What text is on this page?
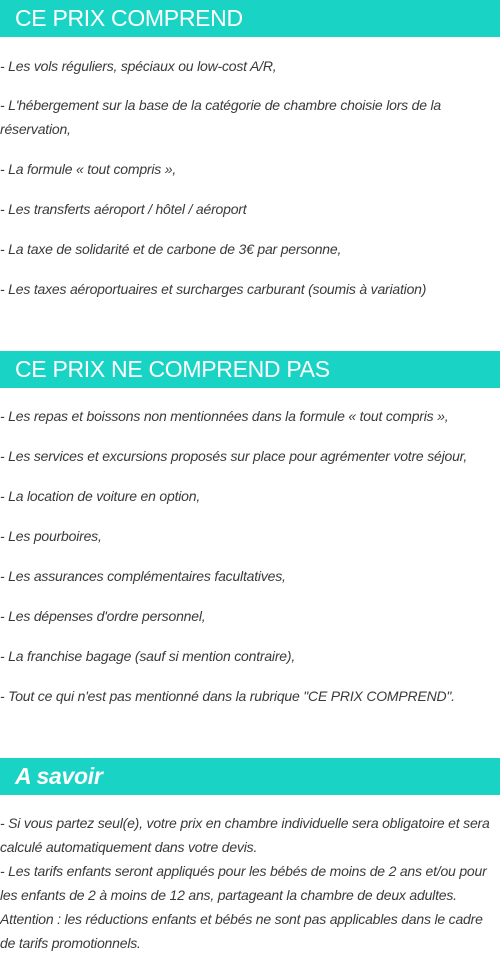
CE PRIX COMPREND
- Les vols réguliers, spéciaux ou low-cost A/R,
- L'hébergement sur la base de la catégorie de chambre choisie lors de la réservation,
- La formule « tout compris »,
- Les transferts aéroport / hôtel / aéroport
- La taxe de solidarité et de carbone de 3€ par personne,
- Les taxes aéroportuaires et surcharges carburant (soumis à variation)
CE PRIX NE COMPREND PAS
- Les repas et boissons non mentionnées dans la formule « tout compris »,
- Les services et excursions proposés sur place pour agrémenter votre séjour,
- La location de voiture en option,
- Les pourboires,
- Les assurances complémentaires facultatives,
- Les dépenses d'ordre personnel,
- La franchise bagage (sauf si mention contraire),
- Tout ce qui n'est pas mentionné dans la rubrique "CE PRIX COMPREND".
A savoir

- Si vous partez seul(e), votre prix en chambre individuelle sera obligatoire et sera calculé automatiquement dans votre devis.

- Les tarifs enfants seront appliqués pour les bébés de moins de 2 ans et/ou pour les enfants de 2 à moins de 12 ans, partageant la chambre de deux adultes.

Attention : les réductions enfants et bébés ne sont pas applicables dans le cadre de tarifs promotionnels.
